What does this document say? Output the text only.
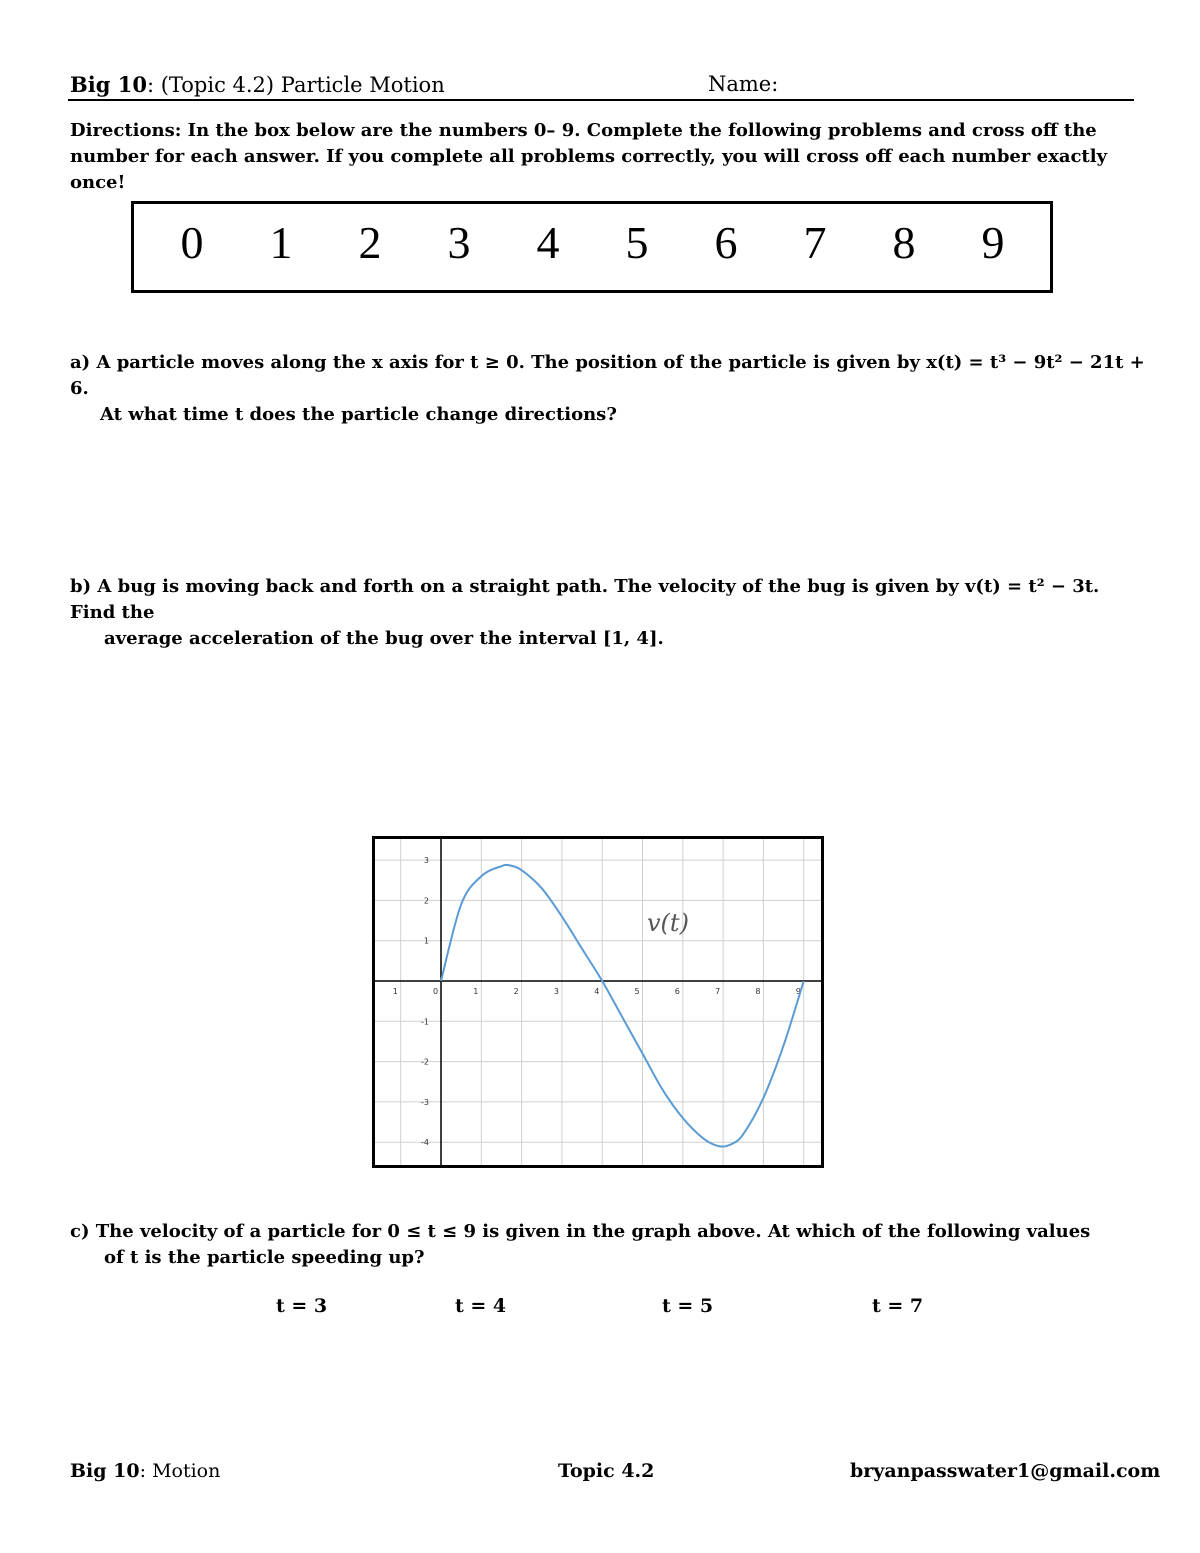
Big 10: (Topic 4.2) Particle Motion	Name:
Directions: In the box below are the numbers 0– 9. Complete the following problems and cross off the number for each answer. If you complete all problems correctly, you will cross off each number exactly once!
0	1	2	3	4	5	6	7	8	9
a) A particle moves along the x axis for t ≥ 0. The position of the particle is given by x(t) = t³ − 9t² − 21t + 6.
At what time t does the particle change directions?
b) A bug is moving back and forth on a straight path. The velocity of the bug is given by v(t) = t² − 3t. Find the
average acceleration of the bug over the interval [1, 4].
1	0	1	2	3	4	5	6	7	8	9
3
2
1
-1
-2
-3
-4
v(t)
c) The velocity of a particle for 0 ≤ t ≤ 9 is given in the graph above. At which of the following values
of t is the particle speeding up?
t = 3	t = 4	t = 5	t = 7
Big 10: Motion	Topic 4.2	bryanpasswater1@gmail.com
